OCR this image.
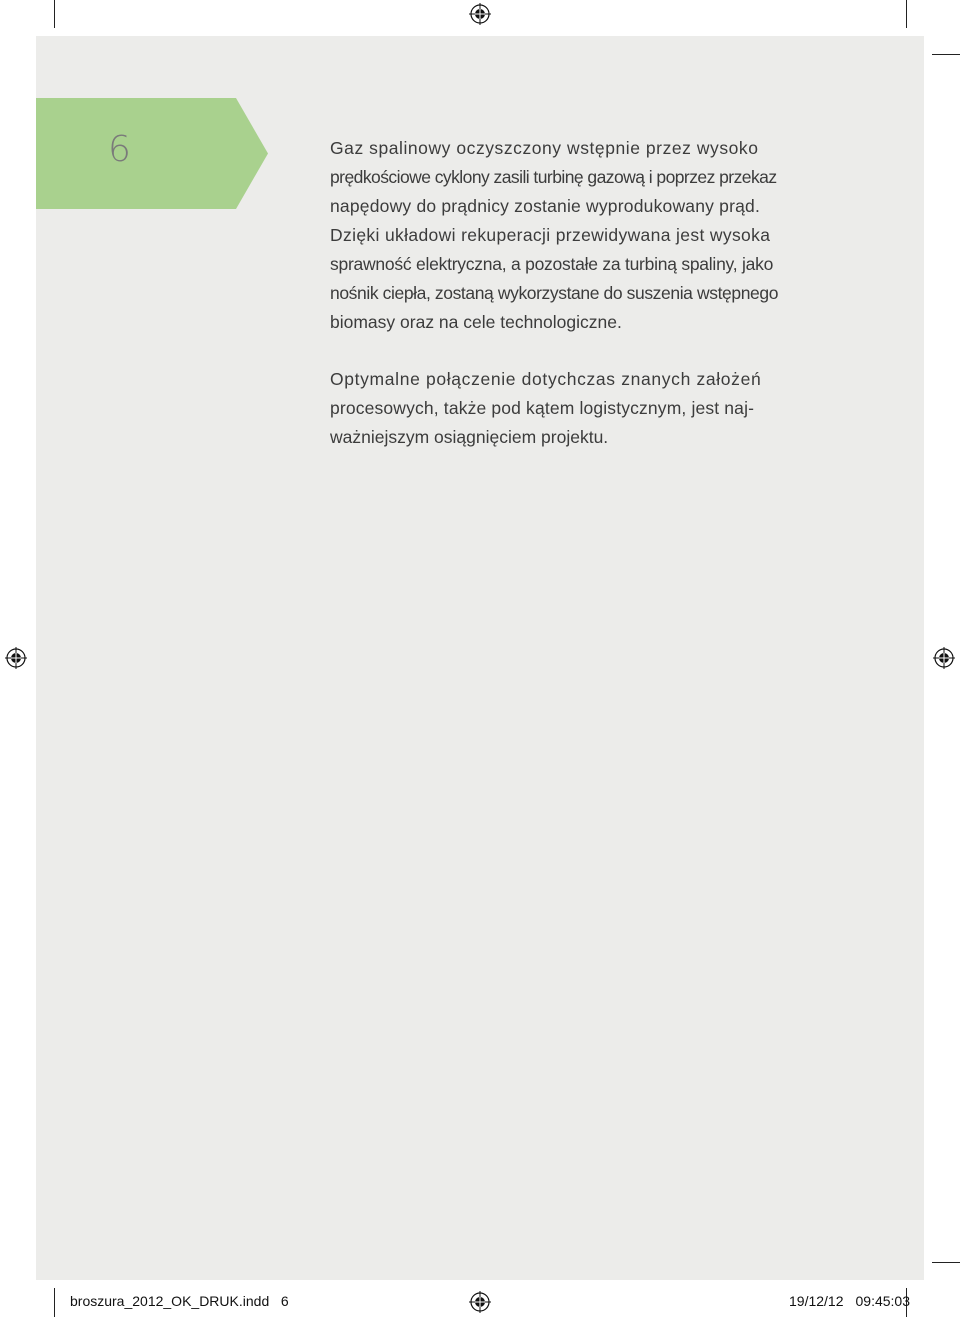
6	Gaz spalinowy oczyszczony wstępnie przez wysoko

prędkościowe cyklony zasili turbinę gazową i poprzez przekaz

napędowy do prądnicy zostanie wyprodukowany prąd.

Dzięki układowi rekuperacji przewidywana jest wysoka

sprawność elektryczna, a pozostałe za turbiną spaliny, jako

nośnik ciepła, zostaną wykorzystane do suszenia wstępnego

biomasy oraz na cele technologiczne.

Optymalne połączenie dotychczas znanych założeń

procesowych, także pod kątem logistycznym, jest naj-

ważniejszym osiągnięciem projektu.

broszura_2012_OK_DRUK.indd   6	19/12/12 09:45:03
